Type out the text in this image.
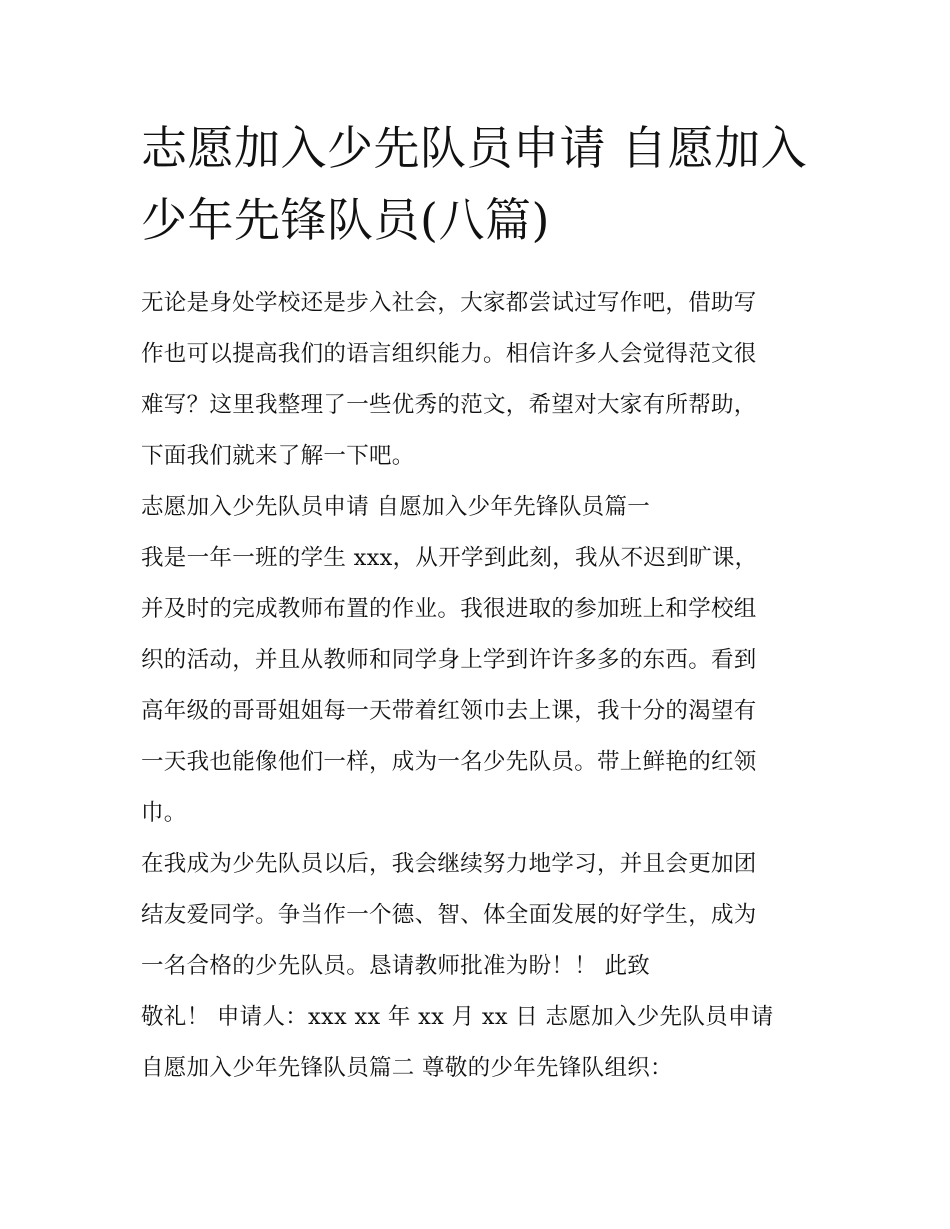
志愿加入少先队员申请 自愿加入少年先锋队员(八篇)
无论是身处学校还是步入社会，大家都尝试过写作吧，借助写
作也可以提高我们的语言组织能力。相信许多人会觉得范文很
难写？这里我整理了一些优秀的范文，希望对大家有所帮助，
下面我们就来了解一下吧。
志愿加入少先队员申请 自愿加入少年先锋队员篇一
我是一年一班的学生 xxx，从开学到此刻，我从不迟到旷课，
并及时的完成教师布置的作业。我很进取的参加班上和学校组
织的活动，并且从教师和同学身上学到许许多多的东西。看到
高年级的哥哥姐姐每一天带着红领巾去上课，我十分的渴望有
一天我也能像他们一样，成为一名少先队员。带上鲜艳的红领
巾。
在我成为少先队员以后，我会继续努力地学习，并且会更加团
结友爱同学。争当作一个德、智、体全面发展的好学生，成为
一名合格的少先队员。恳请教师批准为盼！！ 此致
敬礼！ 申请人：xxx xx 年 xx 月 xx 日 志愿加入少先队员申请
自愿加入少年先锋队员篇二 尊敬的少年先锋队组织：
